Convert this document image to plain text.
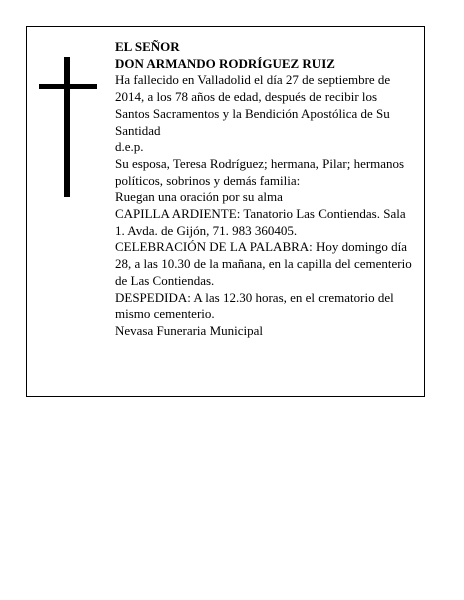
EL SEÑOR

DON ARMANDO RODRÍGUEZ RUIZ

Ha fallecido en Valladolid el día 27 de septiembre de 2014, a los 78 años de edad, después de recibir los Santos Sacramentos y la Bendición Apostólica de Su Santidad

d.e.p.

Su esposa, Teresa Rodríguez; hermana, Pilar; hermanos políticos, sobrinos y demás familia:

Ruegan una oración por su alma

CAPILLA ARDIENTE: Tanatorio Las Contiendas. Sala 1. Avda. de Gijón, 71. 983 360405.

CELEBRACIÓN DE LA PALABRA: Hoy domingo día 28, a las 10.30 de la mañana, en la capilla del cementerio de Las Contiendas.

DESPEDIDA: A las 12.30 horas, en el crematorio del mismo cementerio.

Nevasa Funeraria Municipal
